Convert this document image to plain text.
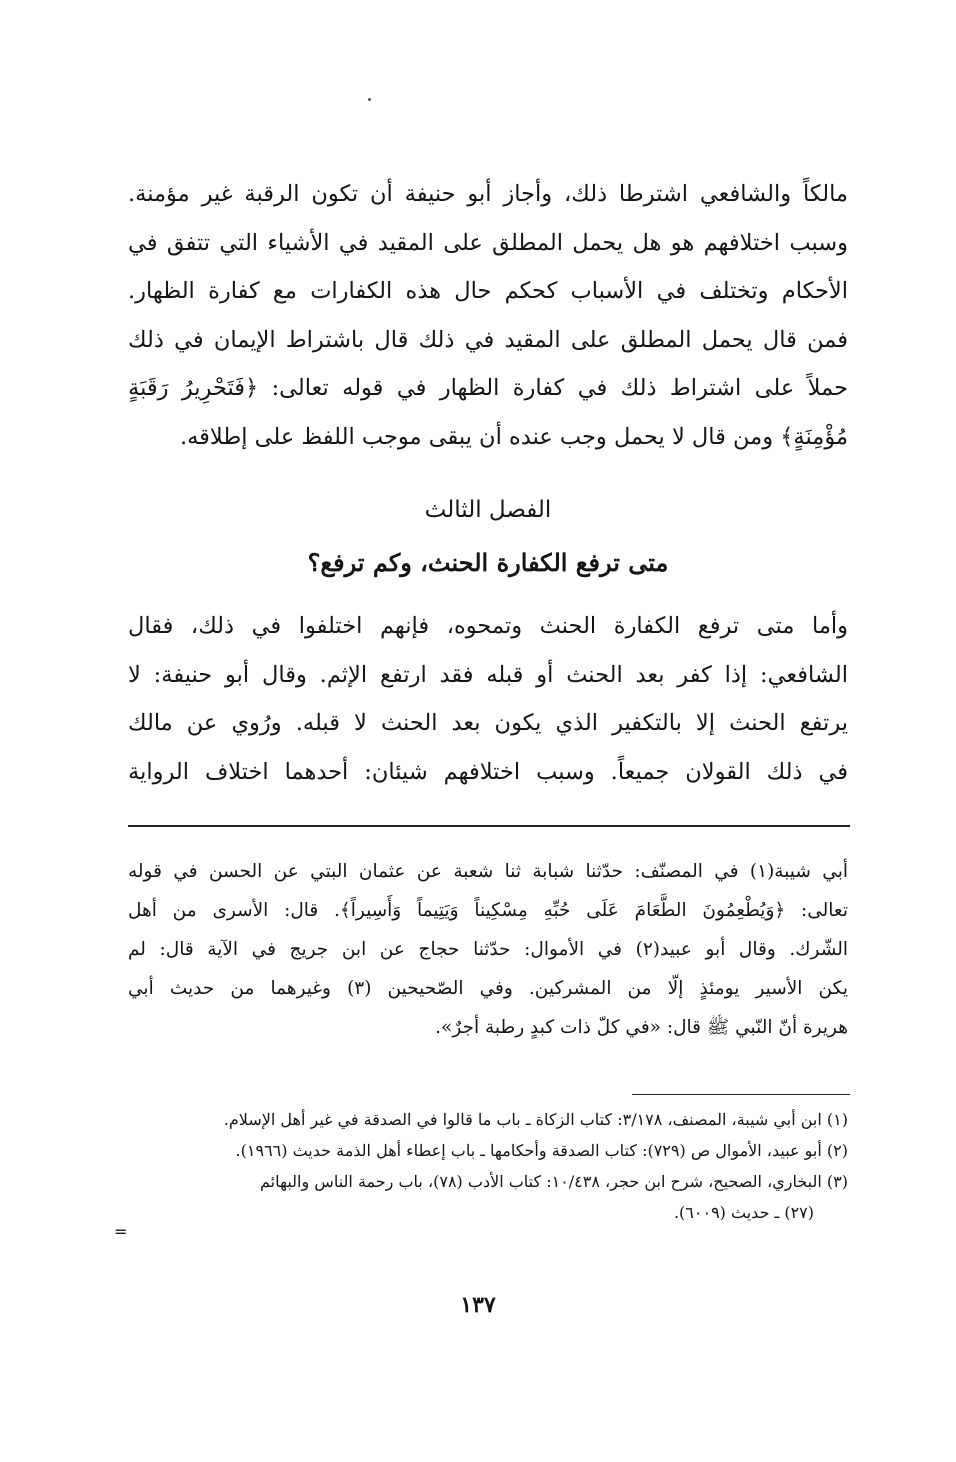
مالكاً والشافعي اشترطا ذلك، وأجاز أبو حنيفة أن تكون الرقبة غير مؤمنة.
وسبب اختلافهم هو هل يحمل المطلق على المقيد في الأشياء التي تتفق في
الأحكام وتختلف في الأسباب كحكم حال هذه الكفارات مع كفارة الظهار.
فمن قال يحمل المطلق على المقيد في ذلك قال باشتراط الإيمان في ذلك
حملاً على اشتراط ذلك في كفارة الظهار في قوله تعالى: ﴿فَتَحْرِيرُ رَقَبَةٍ
مُؤْمِنَةٍ﴾ ومن قال لا يحمل وجب عنده أن يبقى موجب اللفظ على إطلاقه.
الفصل الثالث
متى ترفع الكفارة الحنث، وكم ترفع؟
وأما متى ترفع الكفارة الحنث وتمحوه، فإنهم اختلفوا في ذلك، فقال
الشافعي: إذا كفر بعد الحنث أو قبله فقد ارتفع الإثم. وقال أبو حنيفة: لا
يرتفع الحنث إلا بالتكفير الذي يكون بعد الحنث لا قبله. ورُوي عن مالك
في ذلك القولان جميعاً. وسبب اختلافهم شيئان: أحدهما اختلاف الرواية
أبي شيبة(١) في المصنّف: حدّثنا شبابة ثنا شعبة عن عثمان البتي عن الحسن في قوله
تعالى: ﴿وَيُطْعِمُونَ الطَّعَامَ عَلَى حُبِّهِ مِسْكِيناً وَيَتِيماً وَأَسِيراً﴾. قال: الأسرى من أهل
الشّرك. وقال أبو عبيد(٢) في الأموال: حدّثنا حجاج عن ابن جريج في الآية قال: لم
يكن الأسير يومئذٍ إلّا من المشركين. وفي الصّحيحين (٣) وغيرهما من حديث أبي
هريرة أنّ النّبي ﷺ قال: «في كلّ ذات كبدٍ رطبة أجرٌ».
(١) ابن أبي شيبة، المصنف، ٣/١٧٨: كتاب الزكاة ـ باب ما قالوا في الصدقة في غير أهل الإسلام.
(٢) أبو عبيد، الأموال ص (٧٢٩): كتاب الصدقة وأحكامها ـ باب إعطاء أهل الذمة حديث (١٩٦٦).
(٣) البخاري، الصحيح، شرح ابن حجر، ١٠/٤٣٨: كتاب الأدب (٧٨)، باب رحمة الناس والبهائم
(٢٧) ـ حديث (٦٠٠٩).
=
١٣٧
